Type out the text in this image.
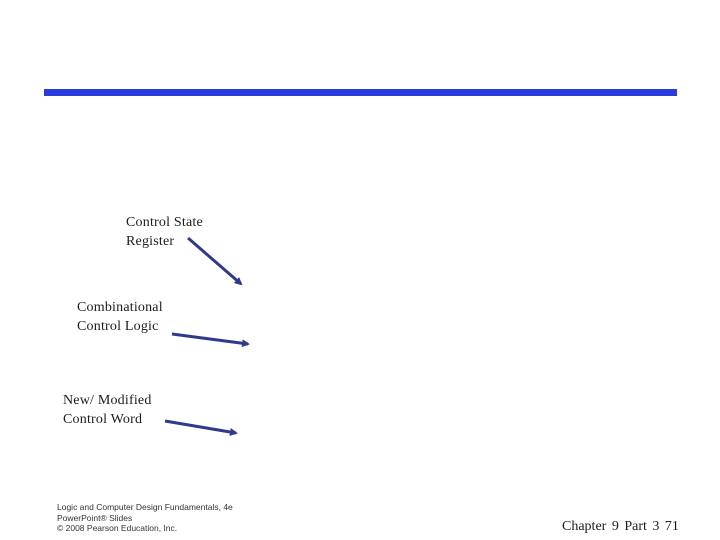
Control State
Register
Combinational
Control Logic
New/ Modified
Control Word
Logic and Computer Design Fundamentals, 4e
PowerPoint® Slides
© 2008 Pearson Education, Inc.	Chapter 9 Part 3 71
